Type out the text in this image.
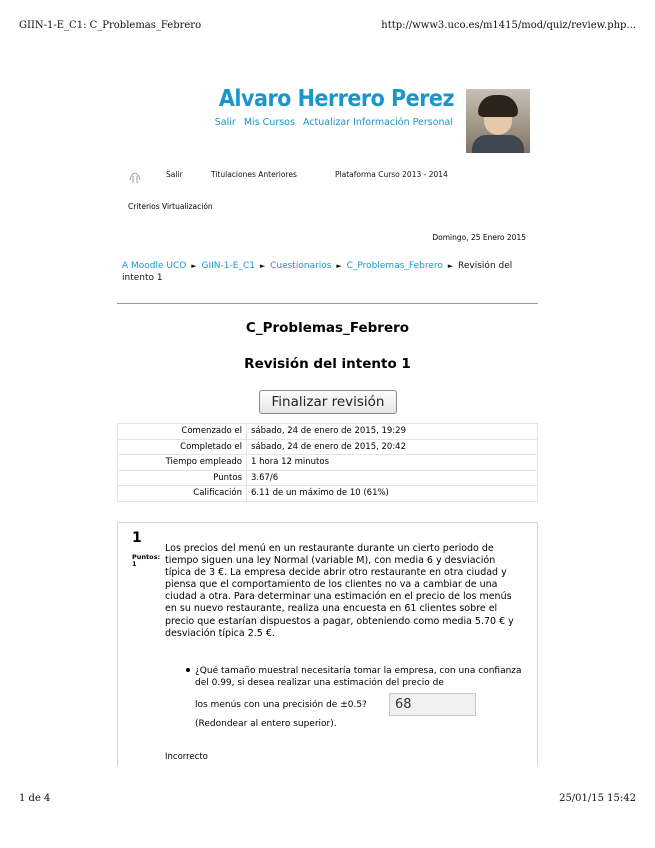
GIIN-1-E_C1: C_Problemas_Febrero	http://www3.uco.es/m1415/mod/quiz/review.php...
Alvaro Herrero Perez
Salir Mis Cursos Actualizar Información Personal
Salir	Titulaciones Anteriores	Plataforma Curso 2013 - 2014
Criterios Virtualización
Domingo, 25 Enero 2015
A Moodle UCO ► GIIN-1-E_C1 ► Cuestionarios ► C_Problemas_Febrero ► Revisión del intento 1
C_Problemas_Febrero
Revisión del intento 1
Finalizar revisión
Comenzado el	sábado, 24 de enero de 2015, 19:29
Completado el	sábado, 24 de enero de 2015, 20:42
Tiempo empleado	1 hora 12 minutos
Puntos	3.67/6
Calificación	6.11 de un máximo de 10 (61%)
1
Puntos:
1
Los precios del menú en un restaurante durante un cierto periodo de tiempo siguen una ley Normal (variable M), con media 6 y desviación típica de 3 €. La empresa decide abrir otro restaurante en otra ciudad y piensa que el comportamiento de los clientes no va a cambiar de una ciudad a otra. Para determinar una estimación en el precio de los menús en su nuevo restaurante, realiza una encuesta en 61 clientes sobre el precio que estarían dispuestos a pagar, obteniendo como media 5.70 € y desviación típica 2.5 €.
¿Qué tamaño muestral necesitaría tomar la empresa, con una confianza del 0.99, si desea realizar una estimación del precio de
los menús con una precisión de ±0.5?
68
(Redondear al entero superior).
Incorrecto
1 de 4	25/01/15 15:42
